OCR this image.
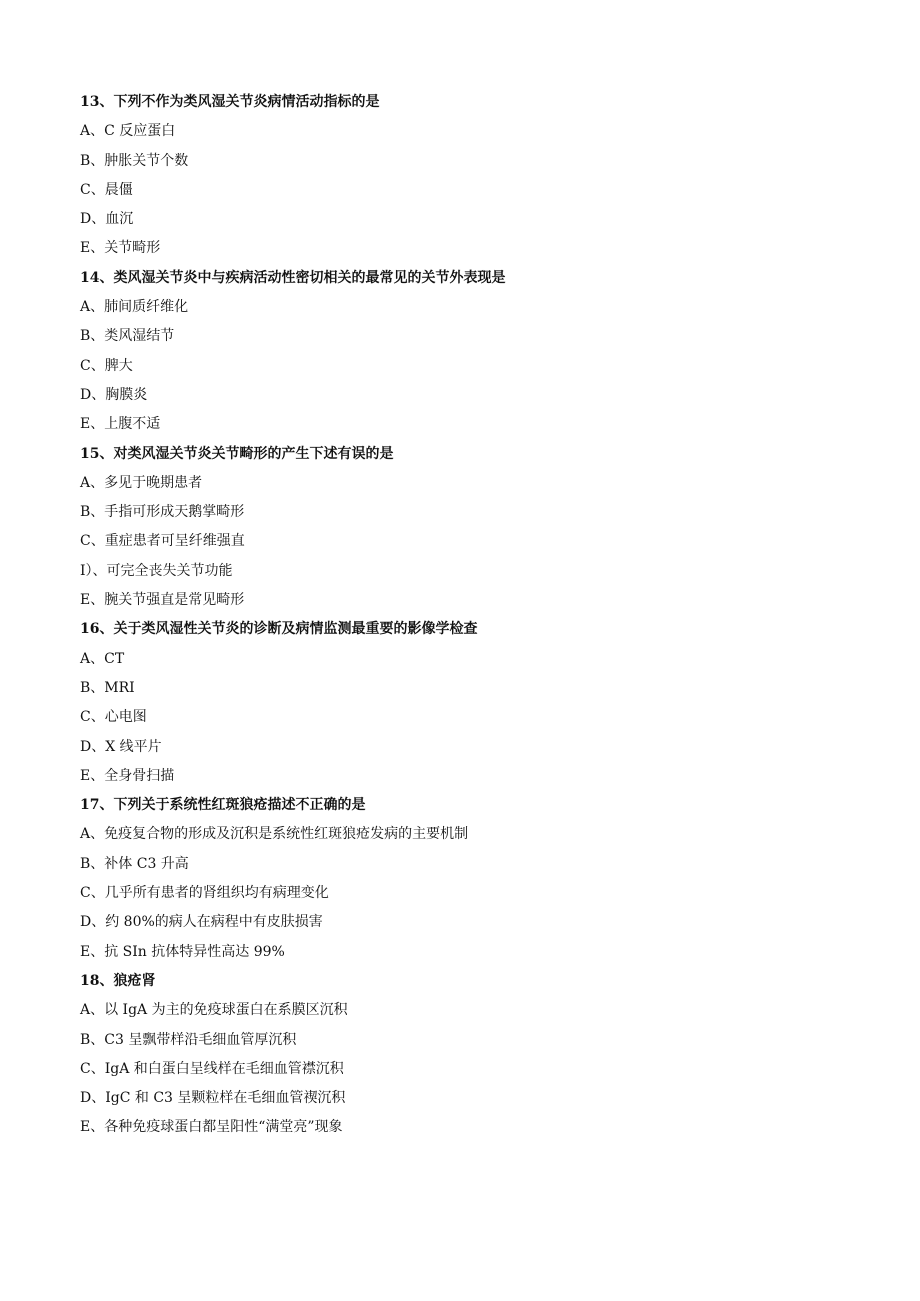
13、下列不作为类风湿关节炎病情活动指标的是
A、C 反应蛋白
B、肿胀关节个数
C、晨僵
D、血沉
E、关节畸形
14、类风湿关节炎中与疾病活动性密切相关的最常见的关节外表现是
A、肺间质纤维化
B、类风湿结节
C、脾大
D、胸膜炎
E、上腹不适
15、对类风湿关节炎关节畸形的产生下述有误的是
A、多见于晚期患者
B、手指可形成天鹅掌畸形
C、重症患者可呈纤维强直
I）、可完全丧失关节功能
E、腕关节强直是常见畸形
16、关于类风湿性关节炎的诊断及病情监测最重要的影像学检查
A、CT
B、MRI
C、心电图
D、X 线平片
E、全身骨扫描
17、下列关于系统性红斑狼疮描述不正确的是
A、免疫复合物的形成及沉积是系统性红斑狼疮发病的主要机制
B、补体 C3 升高
C、几乎所有患者的肾组织均有病理变化
D、约 80%的病人在病程中有皮肤损害
E、抗 SIn 抗体特异性高达 99%
18、狼疮肾
A、以 IgA 为主的免疫球蛋白在系膜区沉积
B、C3 呈飘带样沿毛细血管厚沉积
C、IgA 和白蛋白呈线样在毛细血管襟沉积
D、IgC 和 C3 呈颗粒样在毛细血管禊沉积
E、各种免疫球蛋白都呈阳性“满堂亮”现象
